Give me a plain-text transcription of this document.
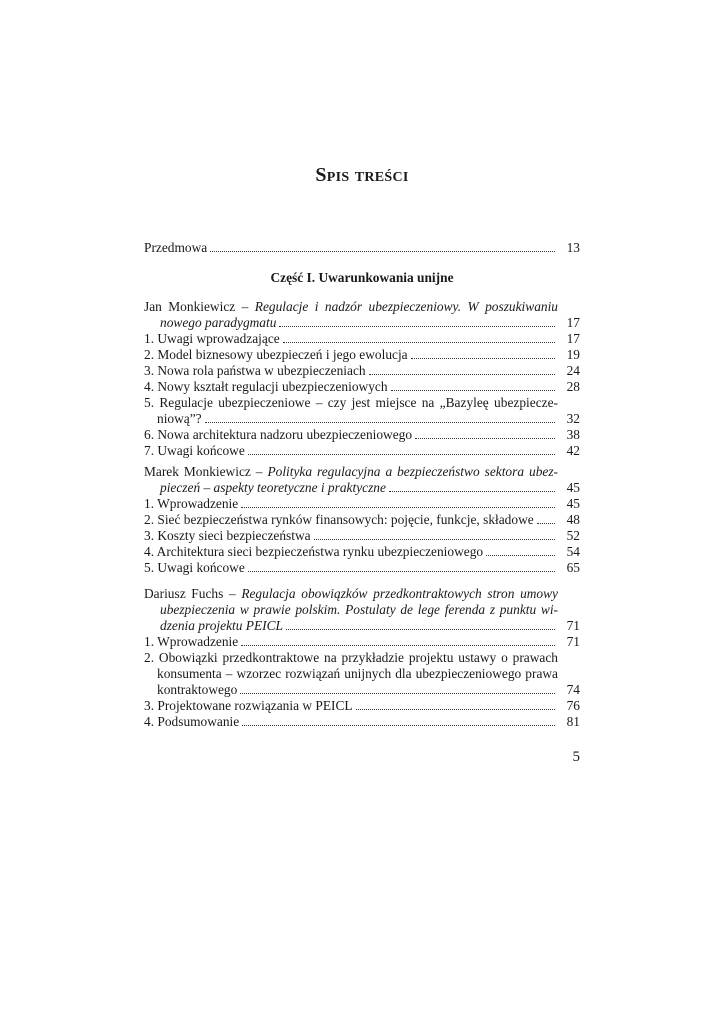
Spis treści
Przedmowa	13
Część I. Uwarunkowania unijne
Jan Monkiewicz – Regulacje i nadzór ubezpieczeniowy. W poszukiwaniu
nowego paradygmatu	17
1. Uwagi wprowadzające	17
2. Model biznesowy ubezpieczeń i jego ewolucja	19
3. Nowa rola państwa w ubezpieczeniach	24
4. Nowy kształt regulacji ubezpieczeniowych	28
5. Regulacje ubezpieczeniowe – czy jest miejsce na „Bazyleę ubezpiecze-
niową”?	32
6. Nowa architektura nadzoru ubezpieczeniowego	38
7. Uwagi końcowe	42
Marek Monkiewicz – Polityka regulacyjna a bezpieczeństwo sektora ubez-
pieczeń – aspekty teoretyczne i praktyczne	45
1. Wprowadzenie	45
2. Sieć bezpieczeństwa rynków finansowych: pojęcie, funkcje, składowe	48
3. Koszty sieci bezpieczeństwa	52
4. Architektura sieci bezpieczeństwa rynku ubezpieczeniowego	54
5. Uwagi końcowe	65
Dariusz Fuchs – Regulacja obowiązków przedkontraktowych stron umowy
ubezpieczenia w prawie polskim. Postulaty de lege ferenda z punktu wi-
dzenia projektu PEICL	71
1. Wprowadzenie	71
2. Obowiązki przedkontraktowe na przykładzie projektu ustawy o prawach
konsumenta – wzorzec rozwiązań unijnych dla ubezpieczeniowego prawa
kontraktowego	74
3. Projektowane rozwiązania w PEICL	76
4. Podsumowanie	81
5
